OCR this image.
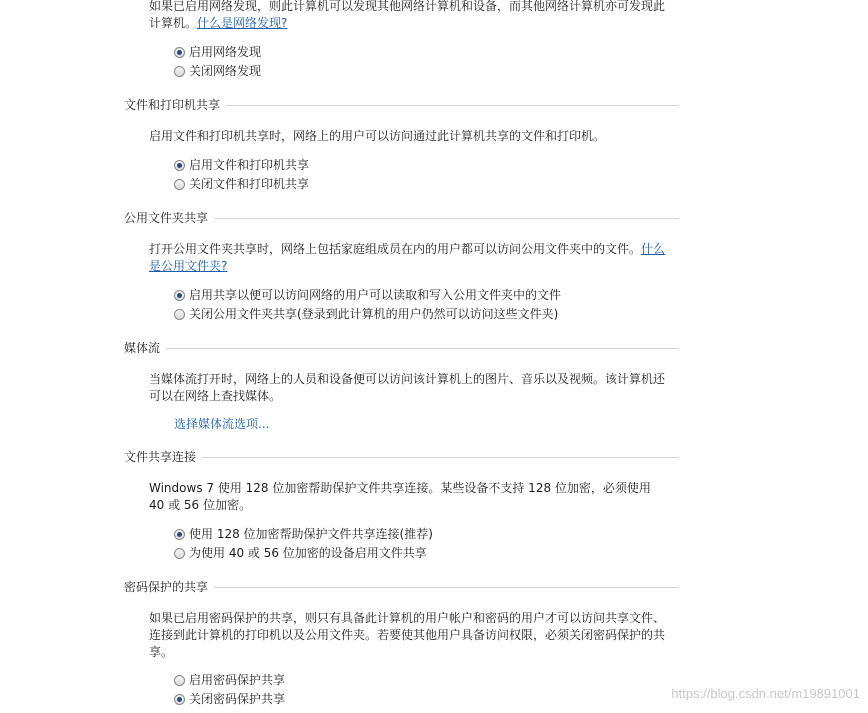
如果已启用网络发现，则此计算机可以发现其他网络计算机和设备，而其他网络计算机亦可发现此计算机。什么是网络发现?
启用网络发现
关闭网络发现
文件和打印机共享
启用文件和打印机共享时，网络上的用户可以访问通过此计算机共享的文件和打印机。
启用文件和打印机共享
关闭文件和打印机共享
公用文件夹共享
打开公用文件夹共享时，网络上包括家庭组成员在内的用户都可以访问公用文件夹中的文件。什么是公用文件夹?
启用共享以便可以访问网络的用户可以读取和写入公用文件夹中的文件
关闭公用文件夹共享(登录到此计算机的用户仍然可以访问这些文件夹)
媒体流
当媒体流打开时，网络上的人员和设备便可以访问该计算机上的图片、音乐以及视频。该计算机还可以在网络上查找媒体。
选择媒体流选项...
文件共享连接
Windows 7 使用 128 位加密帮助保护文件共享连接。某些设备不支持 128 位加密，必须使用 40 或 56 位加密。
使用 128 位加密帮助保护文件共享连接(推荐)
为使用 40 或 56 位加密的设备启用文件共享
密码保护的共享
如果已启用密码保护的共享，则只有具备此计算机的用户帐户和密码的用户才可以访问共享文件、连接到此计算机的打印机以及公用文件夹。若要使其他用户具备访问权限，必须关闭密码保护的共享。
启用密码保护共享
关闭密码保护共享	https://blog.csdn.net/m19891001
